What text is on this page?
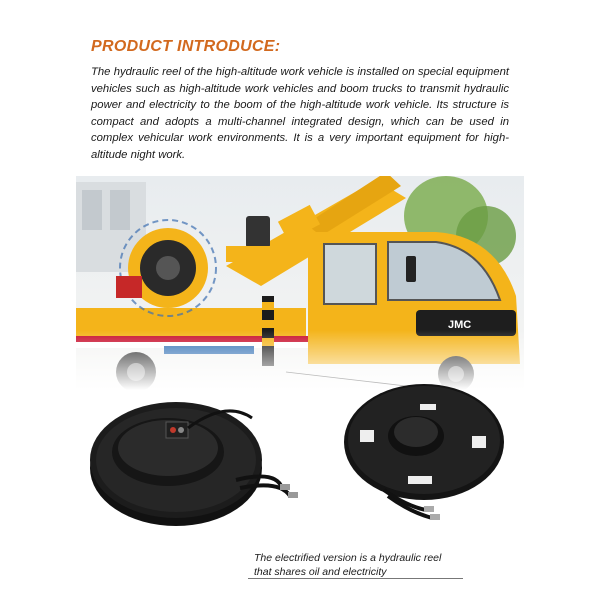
PRODUCT INTRODUCE:
The hydraulic reel of the high-altitude work vehicle is installed on special equipment vehicles such as high-altitude work vehicles and boom trucks to transmit hydraulic power and electricity to the boom of the high-altitude work vehicle. Its structure is compact and adopts a multi-channel integrated design, which can be used in complex vehicular work environments. It is a very important equipment for high-altitude night work.
The electrified version is a hydraulic reel
that shares oil and electricity
